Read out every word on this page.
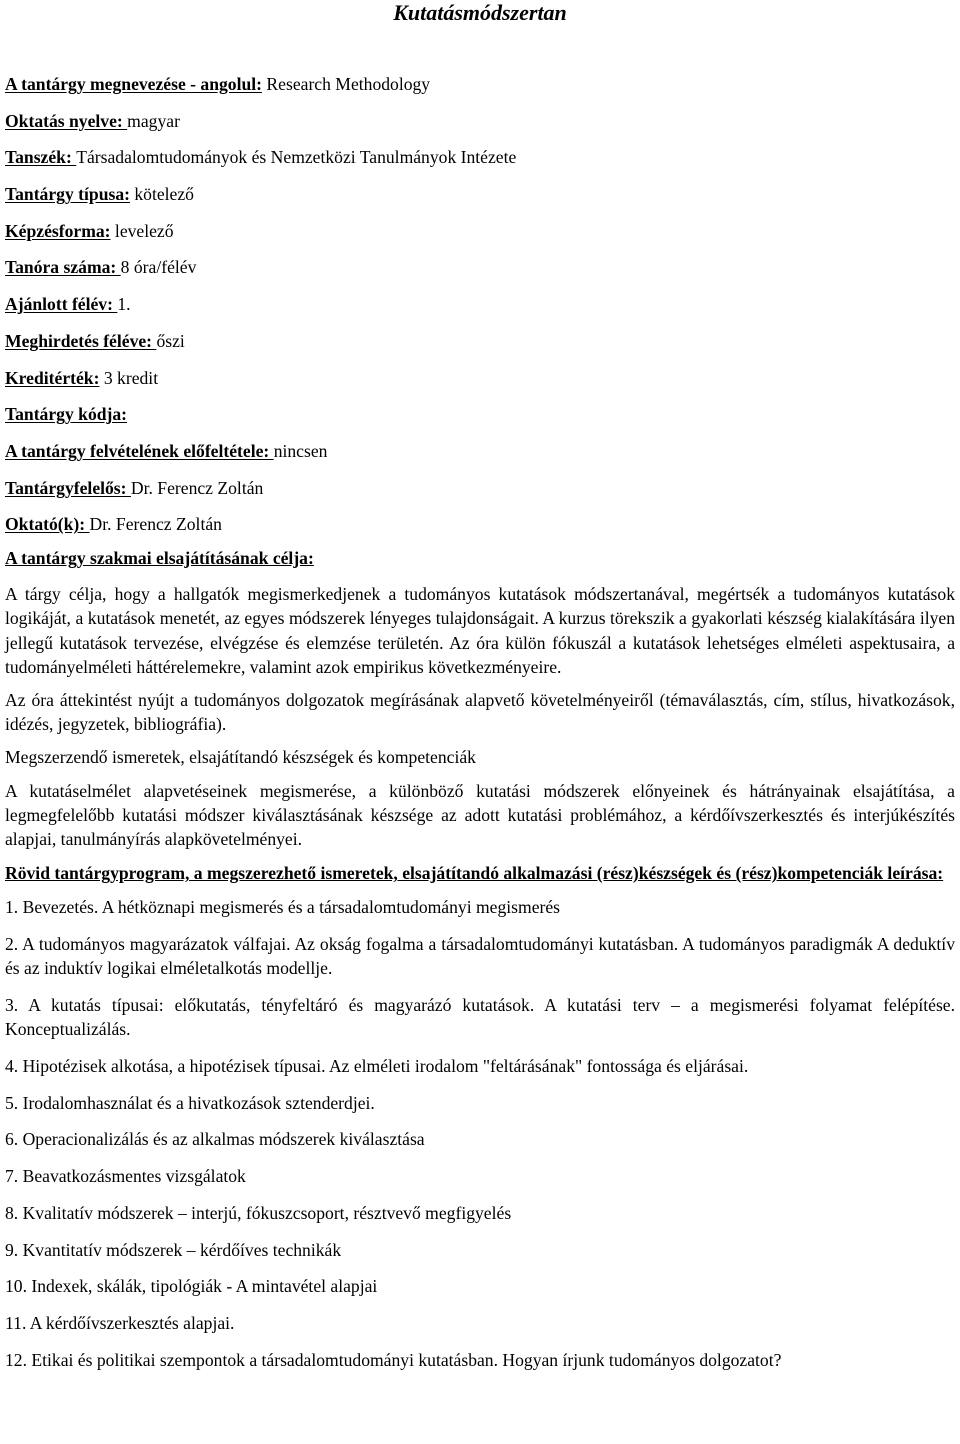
Kutatásmódszertan
A tantárgy megnevezése - angolul: Research Methodology
Oktatás nyelve: magyar
Tanszék: Társadalomtudományok és Nemzetközi Tanulmányok Intézete
Tantárgy típusa: kötelező
Képzésforma: levelező
Tanóra száma: 8 óra/félév
Ajánlott félév: 1.
Meghirdetés féléve: őszi
Kreditérték: 3 kredit
Tantárgy kódja:
A tantárgy felvételének előfeltétele: nincsen
Tantárgyfelelős: Dr. Ferencz Zoltán
Oktató(k): Dr. Ferencz Zoltán
A tantárgy szakmai elsajátításának célja:

A tárgy célja, hogy a hallgatók megismerkedjenek a tudományos kutatások módszertanával, megértsék a tudományos kutatások logikáját, a kutatások menetét, az egyes módszerek lényeges tulajdonságait. A kurzus törekszik a gyakorlati készség kialakítására ilyen jellegű kutatások tervezése, elvégzése és elemzése területén. Az óra külön fókuszál a kutatások lehetséges elméleti aspektusaira, a tudományelméleti háttérelemekre, valamint azok empirikus következményeire.

Az óra áttekintést nyújt a tudományos dolgozatok megírásának alapvető követelményeiről (témaválasztás, cím, stílus, hivatkozások, idézés, jegyzetek, bibliográfia).

Megszerzendő ismeretek, elsajátítandó készségek és kompetenciák

A kutatáselmélet alapvetéseinek megismerése, a különböző kutatási módszerek előnyeinek és hátrányainak elsajátítása, a legmegfelelőbb kutatási módszer kiválasztásának készsége az adott kutatási problémához, a kérdőívszerkesztés és interjúkészítés alapjai, tanulmányírás alapkövetelményei.

Rövid tantárgyprogram, a megszerezhető ismeretek, elsajátítandó alkalmazási (rész)készségek és (rész)kompetenciák leírása:

1. Bevezetés. A hétköznapi megismerés és a társadalomtudományi megismerés

2. A tudományos magyarázatok válfajai. Az okság fogalma a társadalomtudományi kutatásban. A tudományos paradigmák A deduktív és az induktív logikai elméletalkotás modellje.

3. A kutatás típusai: előkutatás, tényfeltáró és magyarázó kutatások. A kutatási terv – a megismerési folyamat felépítése. Konceptualizálás.

4. Hipotézisek alkotása, a hipotézisek típusai. Az elméleti irodalom "feltárásának" fontossága és eljárásai.

5. Irodalomhasználat és a hivatkozások sztenderdjei.

6. Operacionalizálás és az alkalmas módszerek kiválasztása

7. Beavatkozásmentes vizsgálatok

8. Kvalitatív módszerek – interjú, fókuszcsoport, résztvevő megfigyelés

9. Kvantitatív módszerek – kérdőíves technikák

10. Indexek, skálák, tipológiák - A mintavétel alapjai

11. A kérdőívszerkesztés alapjai.

12. Etikai és politikai szempontok a társadalomtudományi kutatásban. Hogyan írjunk tudományos dolgozatot?
